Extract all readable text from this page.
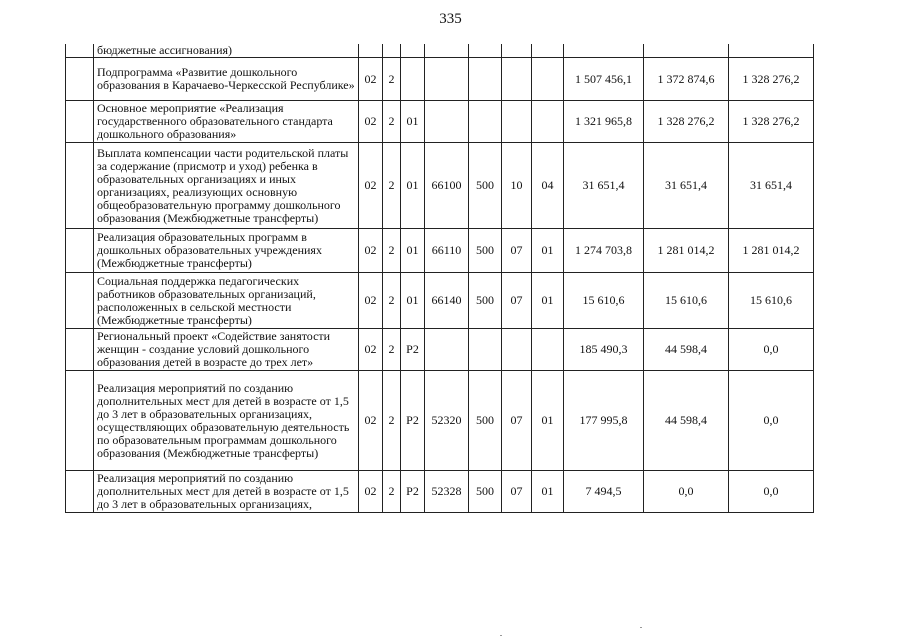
335
	бюджетные ассигнования)										
	Подпрограмма «Развитие дошкольного образования в Карачаево-Черкесской Республике»	02	2						1 507 456,1	1 372 874,6	1 328 276,2
	Основное мероприятие «Реализация государственного образовательного стандарта дошкольного образования»	02	2	01					1 321 965,8	1 328 276,2	1 328 276,2
	Выплата компенсации части родительской платы за содержание (присмотр и уход) ребенка в образовательных организациях и иных организациях, реализующих основную общеобразовательную программу дошкольного образования (Межбюджетные трансферты)	02	2	01	66100	500	10	04	31 651,4	31 651,4	31 651,4
	Реализация образовательных программ в дошкольных образовательных учреждениях (Межбюджетные трансферты)	02	2	01	66110	500	07	01	1 274 703,8	1 281 014,2	1 281 014,2
	Социальная поддержка педагогических работников образовательных организаций, расположенных в сельской местности (Межбюджетные трансферты)	02	2	01	66140	500	07	01	15 610,6	15 610,6	15 610,6
	Региональный проект «Содействие занятости женщин - создание условий дошкольного образования детей в возрасте до трех лет»	02	2	P2					185 490,3	44 598,4	0,0
	Реализация мероприятий по созданию дополнительных мест для детей в возрасте от 1,5 до 3 лет в образовательных организациях, осуществляющих образовательную деятельность по образовательным программам дошкольного образования (Межбюджетные трансферты)	02	2	P2	52320	500	07	01	177 995,8	44 598,4	0,0
	Реализация мероприятий по созданию дополнительных мест для детей в возрасте от 1,5 до 3 лет в образовательных организациях,	02	2	P2	52328	500	07	01	7 494,5	0,0	0,0
